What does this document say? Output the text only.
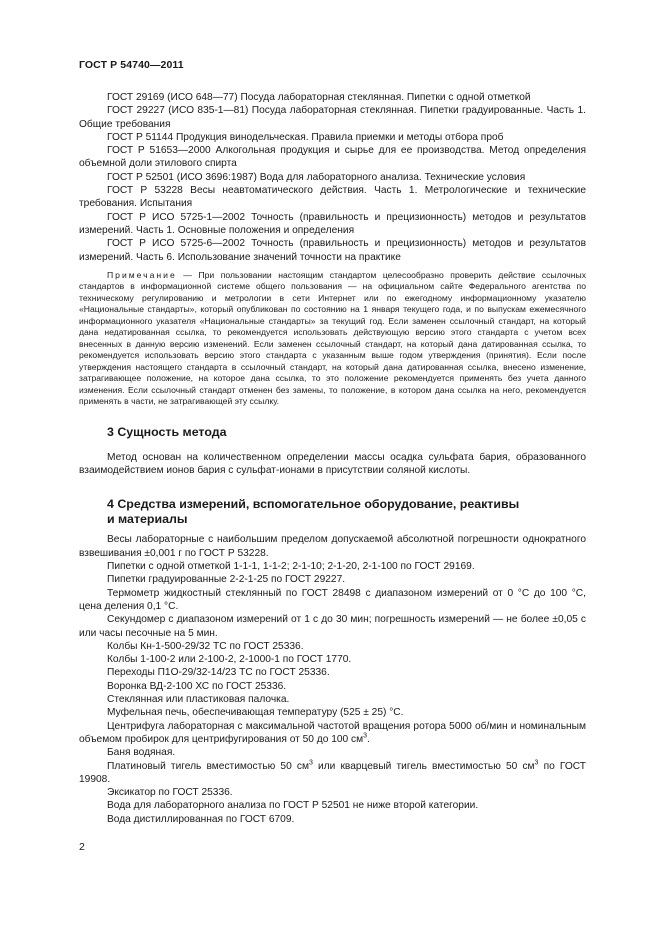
ГОСТ Р 54740—2011

ГОСТ 29169 (ИСО 648—77) Посуда лабораторная стеклянная. Пипетки с одной отметкой

ГОСТ 29227 (ИСО 835-1—81) Посуда лабораторная стеклянная. Пипетки градуированные. Часть 1. Общие требования

ГОСТ Р 51144 Продукция винодельческая. Правила приемки и методы отбора проб

ГОСТ Р 51653—2000 Алкогольная продукция и сырье для ее производства. Метод определения объемной доли этилового спирта

ГОСТ Р 52501 (ИСО 3696:1987) Вода для лабораторного анализа. Технические условия

ГОСТ Р 53228 Весы неавтоматического действия. Часть 1. Метрологические и технические требования. Испытания

ГОСТ Р ИСО 5725-1—2002 Точность (правильность и прецизионность) методов и результатов измерений. Часть 1. Основные положения и определения

ГОСТ Р ИСО 5725-6—2002 Точность (правильность и прецизионность) методов и результатов измерений. Часть 6. Использование значений точности на практике

Примечание — При пользовании настоящим стандартом целесообразно проверить действие ссылочных стандартов в информационной системе общего пользования — на официальном сайте Федерального агентства по техническому регулированию и метрологии в сети Интернет или по ежегодному информационному указателю «Национальные стандарты», который опубликован по состоянию на 1 января текущего года, и по выпускам ежемесячного информационного указателя «Национальные стандарты» за текущий год. Если заменен ссылочный стандарт, на который дана недатированная ссылка, то рекомендуется использовать действующую версию этого стандарта с учетом всех внесенных в данную версию изменений. Если заменен ссылочный стандарт, на который дана датированная ссылка, то рекомендуется использовать версию этого стандарта с указанным выше годом утверждения (принятия). Если после утверждения настоящего стандарта в ссылочный стандарт, на который дана датированная ссылка, внесено изменение, затрагивающее положение, на которое дана ссылка, то это положение рекомендуется применять без учета данного изменения. Если ссылочный стандарт отменен без замены, то положение, в котором дана ссылка на него, рекомендуется применять в части, не затрагивающей эту ссылку.

3 Сущность метода

Метод основан на количественном определении массы осадка сульфата бария, образованного взаимодействием ионов бария с сульфат-ионами в присутствии соляной кислоты.

4 Средства измерений, вспомогательное оборудование, реактивы
и материалы

Весы лабораторные с наибольшим пределом допускаемой абсолютной погрешности однократного взвешивания ±0,001 г по ГОСТ Р 53228.

Пипетки с одной отметкой 1-1-1, 1-1-2; 2-1-10; 2-1-20, 2-1-100 по ГОСТ 29169.

Пипетки градуированные 2-2-1-25 по ГОСТ 29227.

Термометр жидкостный стеклянный по ГОСТ 28498 с диапазоном измерений от 0 °С до 100 °С, цена деления 0,1 °С.

Секундомер с диапазоном измерений от 1 с до 30 мин; погрешность измерений — не более ±0,05 с или часы песочные на 5 мин.

Колбы Кн-1-500-29/32 ТС по ГОСТ 25336.

Колбы 1-100-2 или 2-100-2, 2-1000-1 по ГОСТ 1770.

Переходы П1О-29/32-14/23 ТС по ГОСТ 25336.

Воронка ВД-2-100 ХС по ГОСТ 25336.

Стеклянная или пластиковая палочка.

Муфельная печь, обеспечивающая температуру (525 ± 25) °С.

Центрифуга лабораторная с максимальной частотой вращения ротора 5000 об/мин и номинальным объемом пробирок для центрифугирования от 50 до 100 $см^3$.

Баня водяная.

Платиновый тигель вместимостью 50 $см^3$ или кварцевый тигель вместимостью 50 $см^3$ по ГОСТ 19908.

Эксикатор по ГОСТ 25336.

Вода для лабораторного анализа по ГОСТ Р 52501 не ниже второй категории.

Вода дистиллированная по ГОСТ 6709.

2
